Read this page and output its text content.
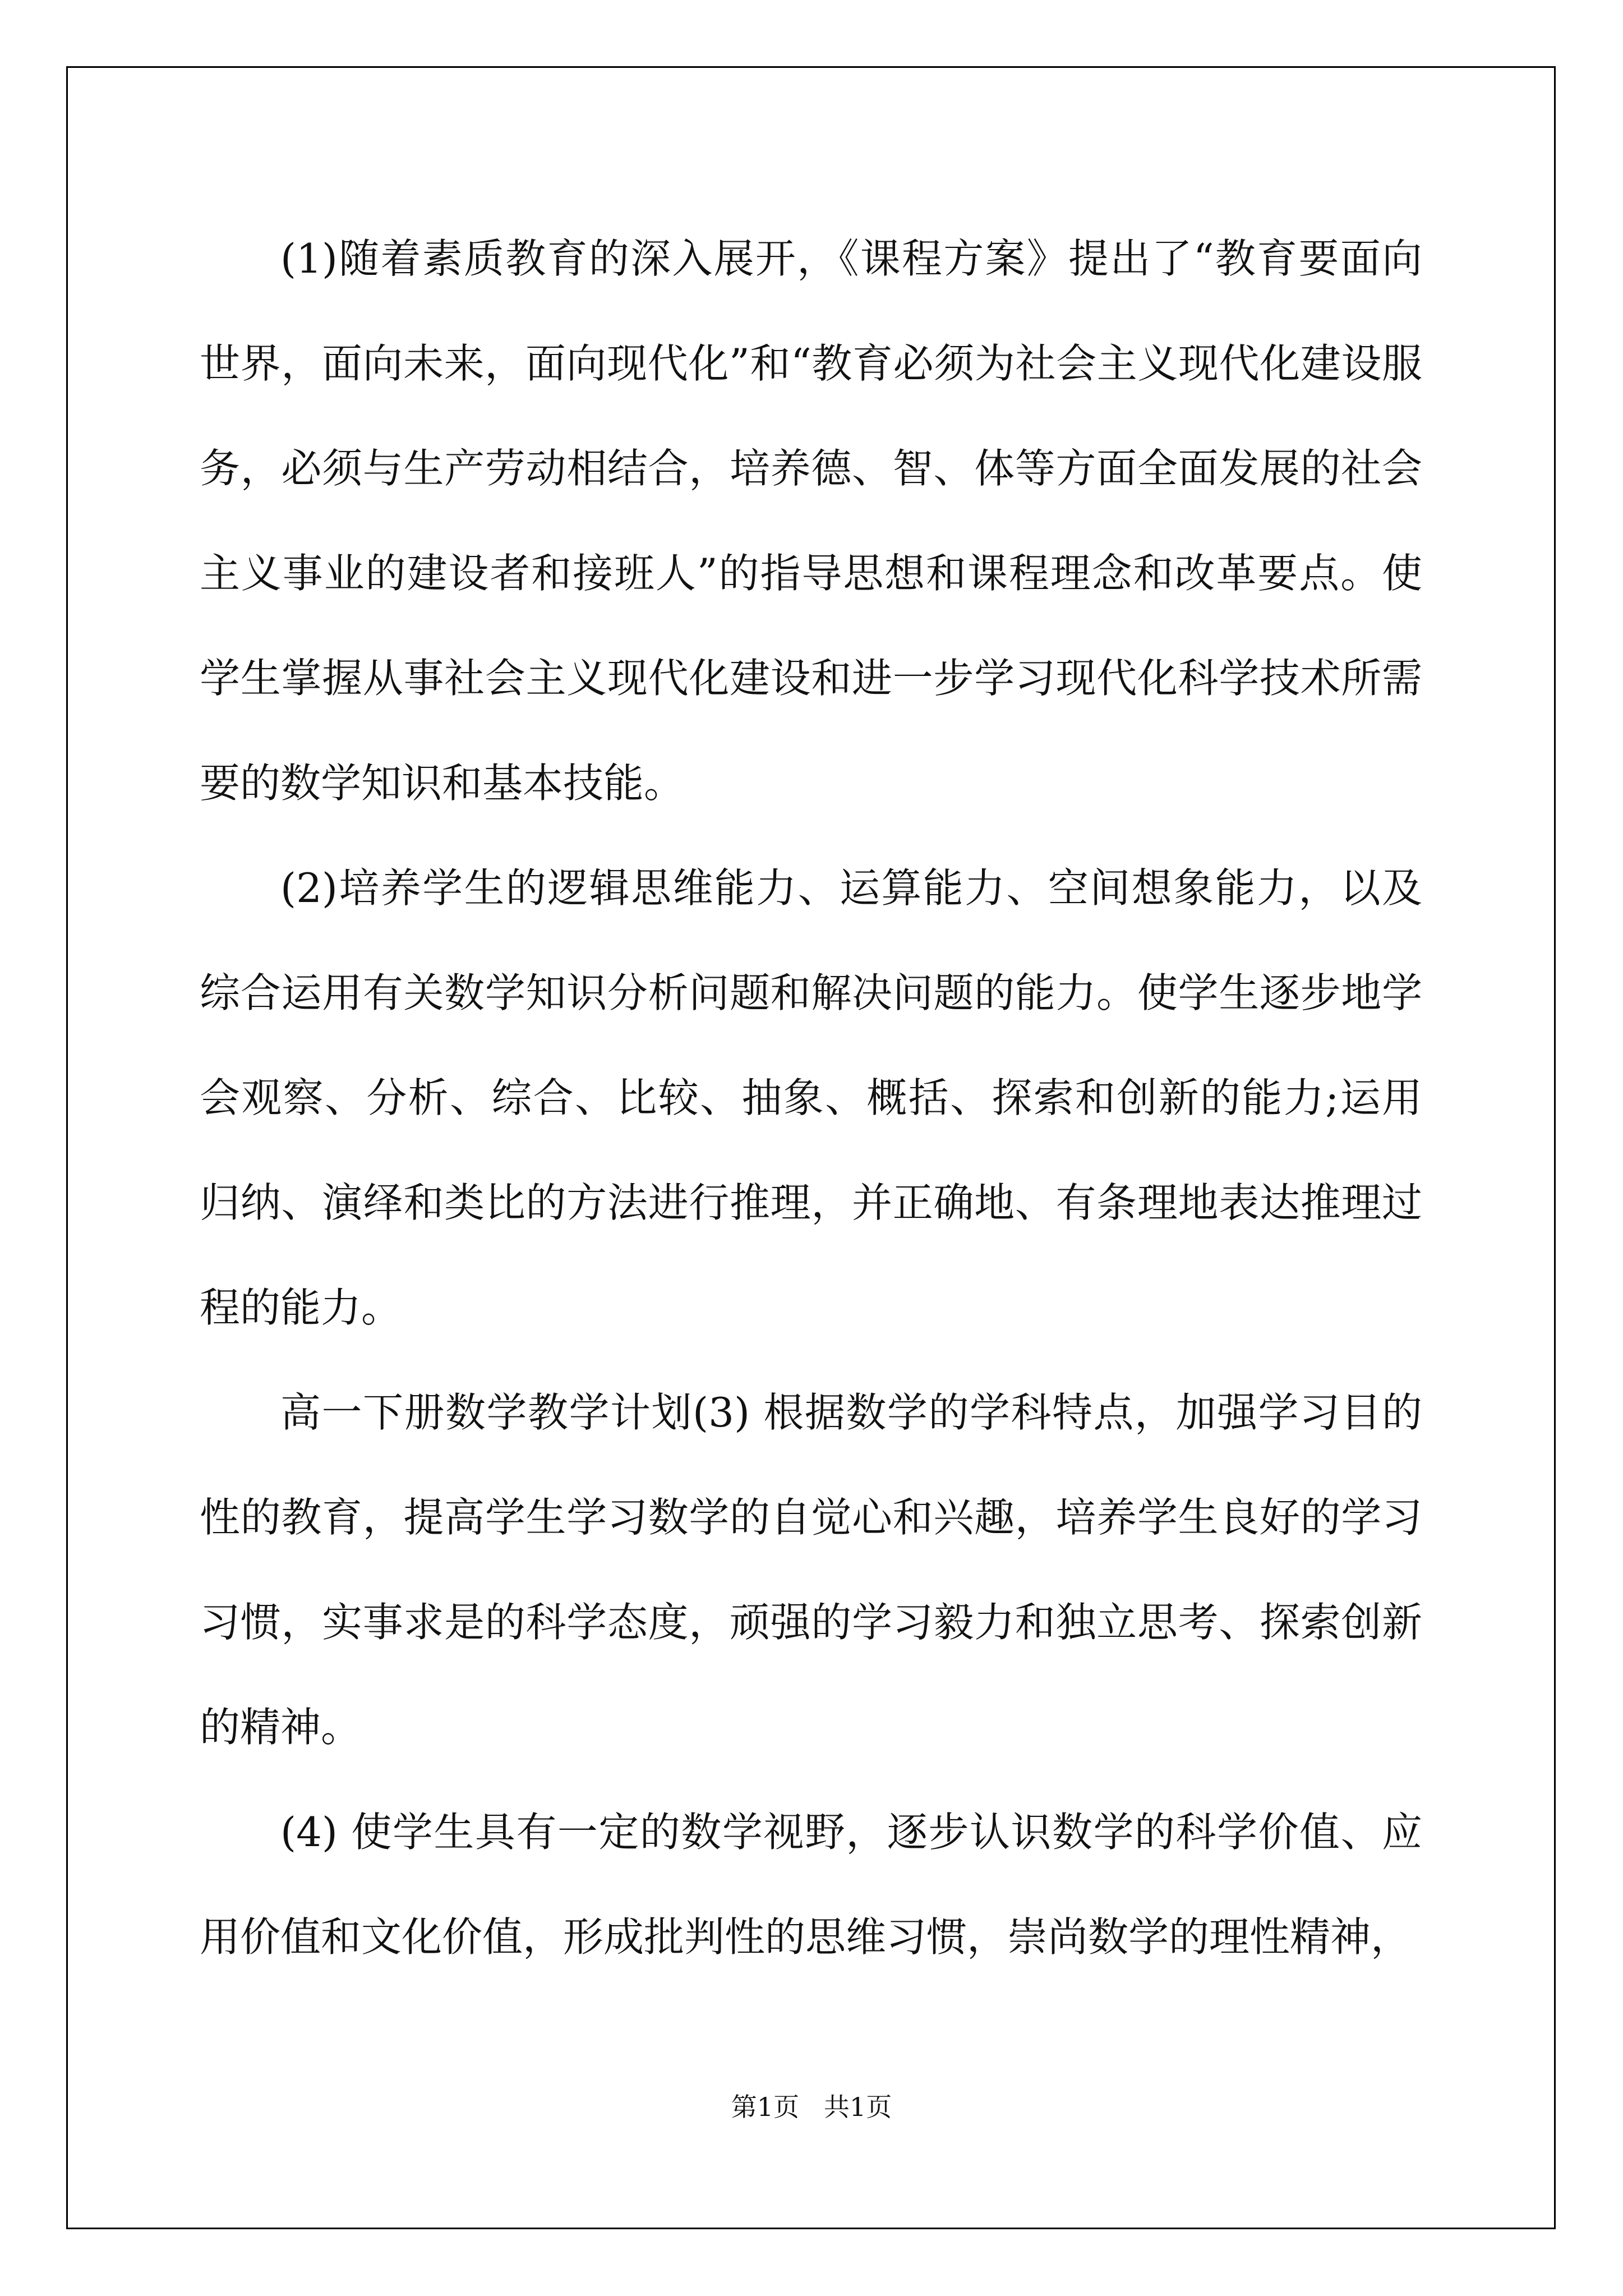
(1)随着素质教育的深入展开，《课程方案》提出了“教育要面向世界，面向未来，面向现代化”和“教育必须为社会主义现代化建设服务，必须与生产劳动相结合，培养德、智、体等方面全面发展的社会主义事业的建设者和接班人”的指导思想和课程理念和改革要点。使学生掌握从事社会主义现代化建设和进一步学习现代化科学技术所需要的数学知识和基本技能。

(2)培养学生的逻辑思维能力、运算能力、空间想象能力，以及综合运用有关数学知识分析问题和解决问题的能力。使学生逐步地学会观察、分析、综合、比较、抽象、概括、探索和创新的能力;运用归纳、演绎和类比的方法进行推理，并正确地、有条理地表达推理过程的能力。

高一下册数学教学计划(3) 根据数学的学科特点，加强学习目的性的教育，提高学生学习数学的自觉心和兴趣，培养学生良好的学习习惯，实事求是的科学态度，顽强的学习毅力和独立思考、探索创新的精神。

(4) 使学生具有一定的数学视野，逐步认识数学的科学价值、应用价值和文化价值，形成批判性的思维习惯，崇尚数学的理性精神，

第1页   共1页
